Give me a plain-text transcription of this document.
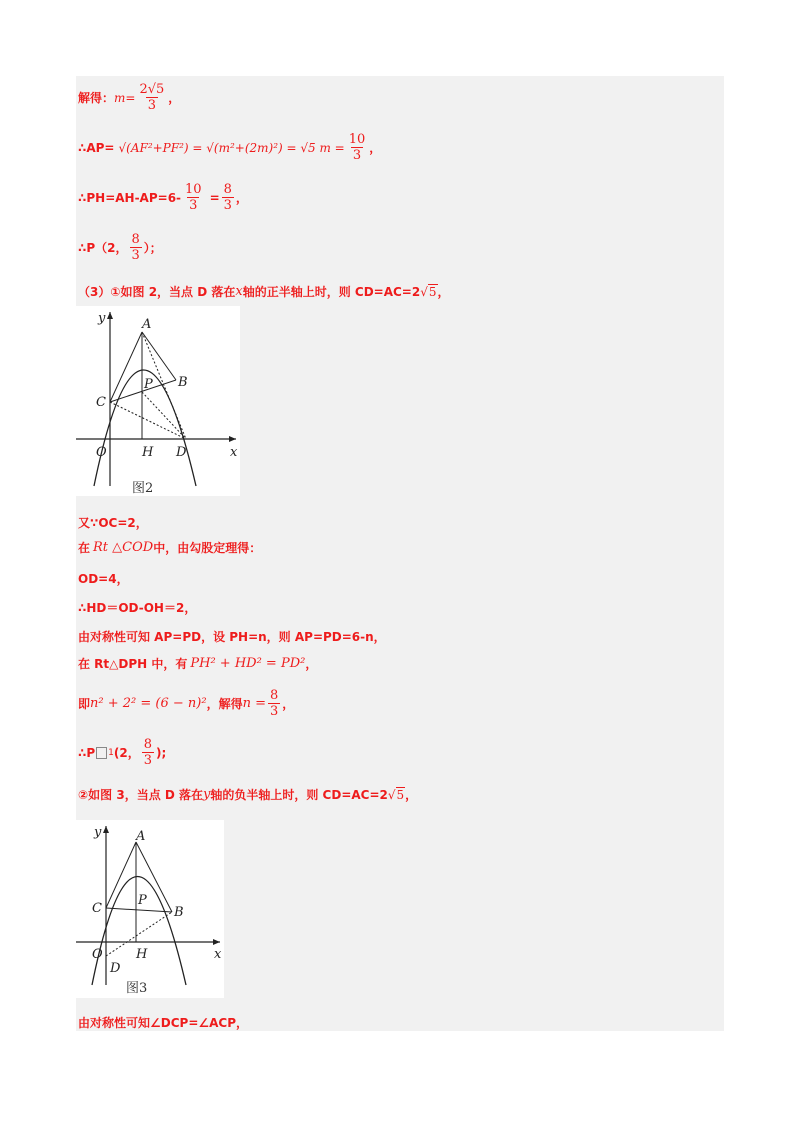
解得： $m = \frac{2√5}{3}$ ，
∴AP= √(AF²+PF²) = √(m²+(2m)²) = √5 $m = \frac{10}{3}$ ，
∴PH=AH-AP=6- $\frac{10}{3} = \frac{8}{3}$ ，
∴P（2， $\frac{8}{3}$ ）；
（3）①如图 2，当点 D 落在 x 轴的正半轴上时，则 CD=AC=2 √ 5 ，
y
x
A
B
C
P
O	H D
图2
又∵OC=2，
在 Rt △COD 中，由勾股定理得：
OD=4，
∴HD＝OD-OH＝2，
由对称性可知 AP=PD，设 PH=n，则 AP=PD=6-n，
在 Rt△DPH 中，有 PH² + HD² = PD² ，
即 n² + 2² = (6 − n)² ，解得 $n = \frac{8}{3}$ ，
∴P 1 (2， $\frac{8}{3}$ );
②如图 3，当点 D 落在 y 轴的负半轴上时，则 CD=AC=2 √ 5 ，
y
x
A
B
C
P
O	H
D
图3
由对称性可知∠DCP=∠ACP，
